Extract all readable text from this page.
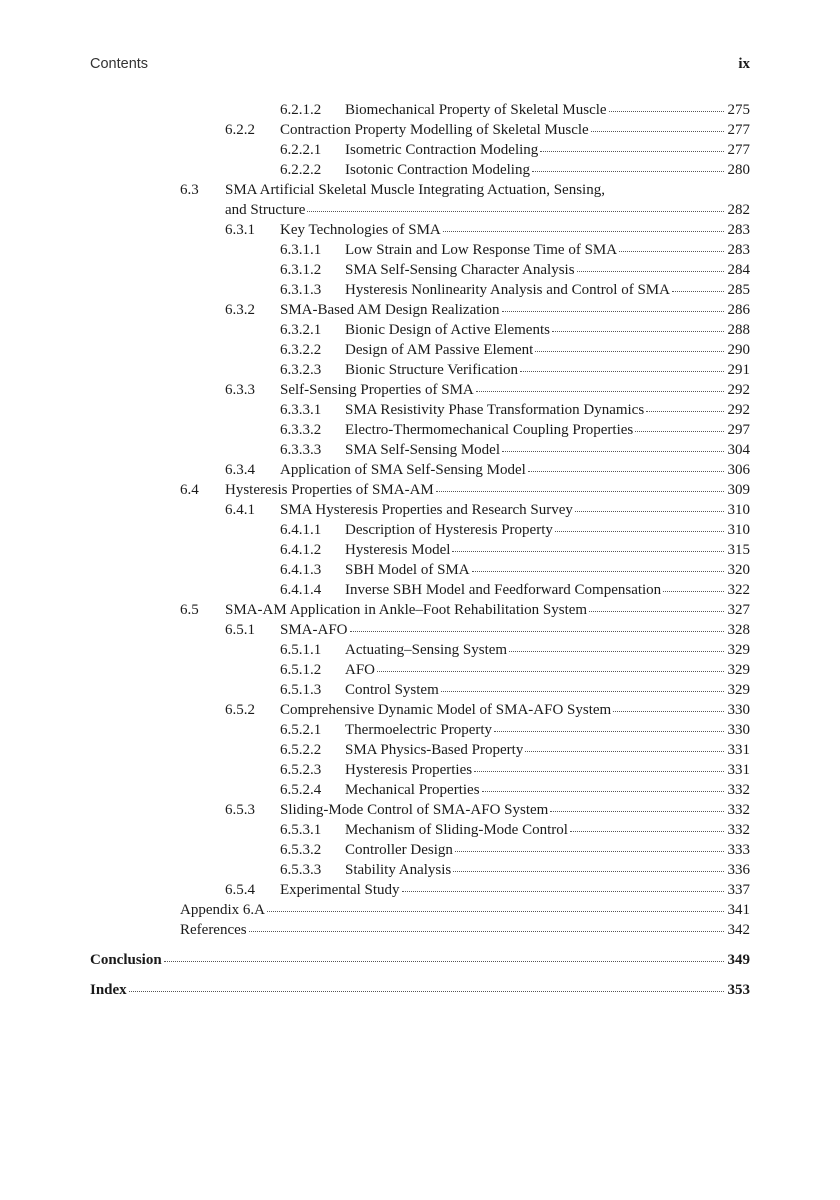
Contents	ix
6.2.1.2	Biomechanical Property of Skeletal Muscle	275
6.2.2	Contraction Property Modelling of Skeletal Muscle	277
6.2.2.1	Isometric Contraction Modeling	277
6.2.2.2	Isotonic Contraction Modeling	280
6.3	SMA Artificial Skeletal Muscle Integrating Actuation, Sensing,
and Structure	282
6.3.1	Key Technologies of SMA	283
6.3.1.1	Low Strain and Low Response Time of SMA	283
6.3.1.2	SMA Self-Sensing Character Analysis	284
6.3.1.3	Hysteresis Nonlinearity Analysis and Control of SMA	285
6.3.2	SMA-Based AM Design Realization	286
6.3.2.1	Bionic Design of Active Elements	288
6.3.2.2	Design of AM Passive Element	290
6.3.2.3	Bionic Structure Verification	291
6.3.3	Self-Sensing Properties of SMA	292
6.3.3.1	SMA Resistivity Phase Transformation Dynamics	292
6.3.3.2	Electro-Thermomechanical Coupling Properties	297
6.3.3.3	SMA Self-Sensing Model	304
6.3.4	Application of SMA Self-Sensing Model	306
6.4	Hysteresis Properties of SMA-AM	309
6.4.1	SMA Hysteresis Properties and Research Survey	310
6.4.1.1	Description of Hysteresis Property	310
6.4.1.2	Hysteresis Model	315
6.4.1.3	SBH Model of SMA	320
6.4.1.4	Inverse SBH Model and Feedforward Compensation	322
6.5	SMA-AM Application in Ankle–Foot Rehabilitation System	327
6.5.1	SMA-AFO	328
6.5.1.1	Actuating–Sensing System	329
6.5.1.2	AFO	329
6.5.1.3	Control System	329
6.5.2	Comprehensive Dynamic Model of SMA-AFO System	330
6.5.2.1	Thermoelectric Property	330
6.5.2.2	SMA Physics-Based Property	331
6.5.2.3	Hysteresis Properties	331
6.5.2.4	Mechanical Properties	332
6.5.3	Sliding-Mode Control of SMA-AFO System	332
6.5.3.1	Mechanism of Sliding-Mode Control	332
6.5.3.2	Controller Design	333
6.5.3.3	Stability Analysis	336
6.5.4	Experimental Study	337
Appendix 6.A	341
References	342
Conclusion	349
Index	353
